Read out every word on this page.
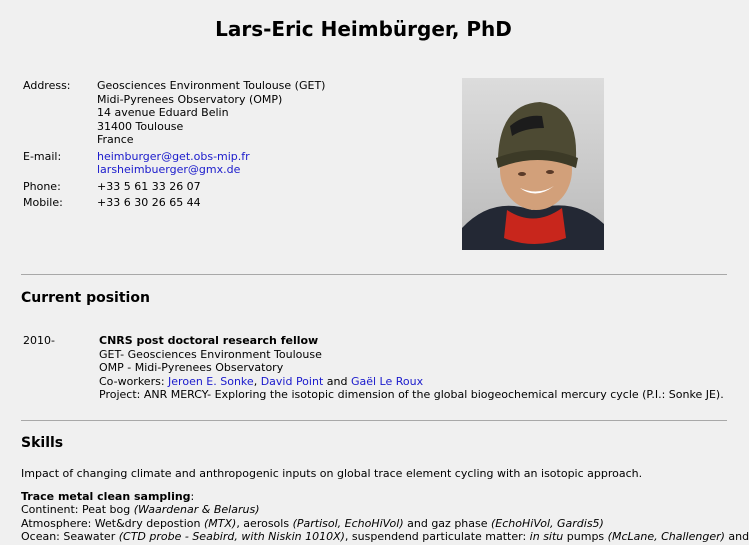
Lars-Eric Heimbürger, PhD
Address:	Geosciences Environment Toulouse (GET)
Midi-Pyrenees Observatory (OMP)
14 avenue Eduard Belin
31400 Toulouse
France
E-mail:	heimburger@get.obs-mip.fr
larsheimbuerger@gmx.de
Phone:	+33 5 61 33 26 07
Mobile:	+33 6 30 26 65 44
Current position
2010-	CNRS post doctoral research fellow
GET- Geosciences Environment Toulouse
OMP - Midi-Pyrenees Observatory
Co-workers: Jeroen E. Sonke, David Point and Gaël Le Roux
Project: ANR MERCY- Exploring the isotopic dimension of the global biogeochemical mercury cycle (P.I.: Sonke JE).
Skills
Impact of changing climate and anthropogenic inputs on global trace element cycling with an isotopic approach.
Trace metal clean sampling:
Continent: Peat bog (Waardenar & Belarus)
Atmosphere: Wet&dry depostion (MTX), aerosols (Partisol, EchoHiVol) and gaz phase (EchoHiVol, Gardis5)
Ocean: Seawater (CTD probe - Seabird, with Niskin 1010X), suspendend particulate matter: in situ pumps (McLane, Challenger) and
